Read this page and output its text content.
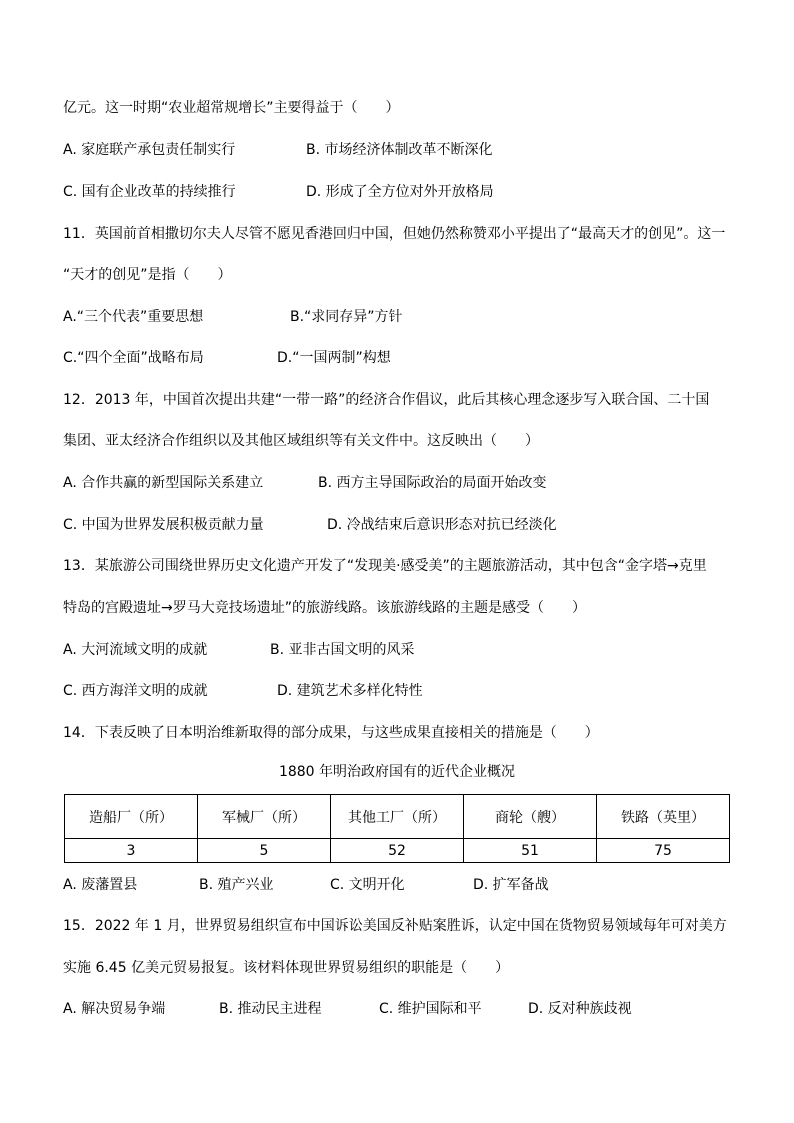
亿元。这一时期“农业超常规增长”主要得益于（　　）
A. 家庭联产承包责任制实行	B. 市场经济体制改革不断深化
C. 国有企业改革的持续推行	D. 形成了全方位对外开放格局
11．英国前首相撒切尔夫人尽管不愿见香港回归中国，但她仍然称赞邓小平提出了“最高天才的创见”。这一
“天才的创见”是指（　　）
A.“三个代表”重要思想	B.“求同存异”方针
C.“四个全面”战略布局	D.“一国两制”构想
12．2013 年，中国首次提出共建“一带一路”的经济合作倡议，此后其核心理念逐步写入联合国、二十国
集团、亚太经济合作组织以及其他区域组织等有关文件中。这反映出（　　）
A. 合作共赢的新型国际关系建立	B. 西方主导国际政治的局面开始改变
C. 中国为世界发展积极贡献力量	D. 冷战结束后意识形态对抗已经淡化
13．某旅游公司围绕世界历史文化遗产开发了“发现美·感受美”的主题旅游活动，其中包含“金字塔→克里
特岛的宫殿遗址→罗马大竞技场遗址”的旅游线路。该旅游线路的主题是感受（　　）
A. 大河流域文明的成就	B. 亚非古国文明的风采
C. 西方海洋文明的成就	D. 建筑艺术多样化特性
14．下表反映了日本明治维新取得的部分成果，与这些成果直接相关的措施是（　　）
1880 年明治政府国有的近代企业概况
造船厂（所）	军械厂（所）	其他工厂（所）	商轮（艘）	铁路（英里）
3	5	52	51	75
A. 废藩置县	B. 殖产兴业	C. 文明开化	D. 扩军备战
15．2022 年 1 月，世界贸易组织宣布中国诉讼美国反补贴案胜诉，认定中国在货物贸易领域每年可对美方
实施 6.45 亿美元贸易报复。该材料体现世界贸易组织的职能是（　　）
A. 解决贸易争端	B. 推动民主进程	C. 维护国际和平	D. 反对种族歧视
